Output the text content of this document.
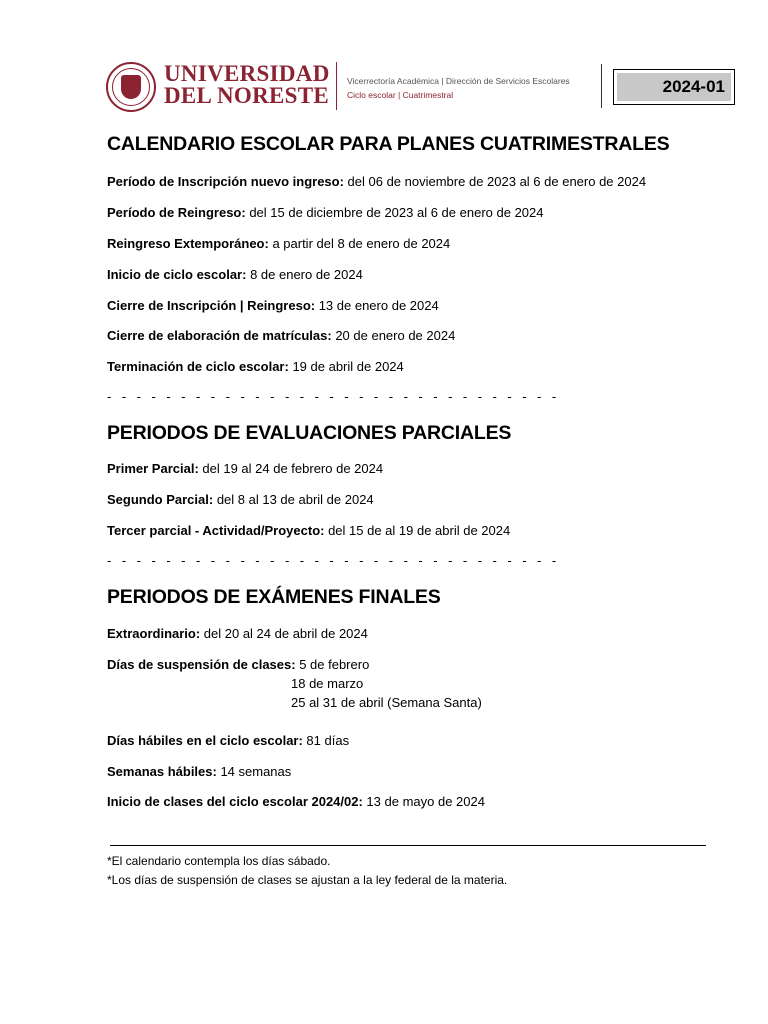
UNIVERSIDAD
DEL NORESTE
Vicerrectoría Académica | Dirección de Servicios Escolares
Ciclo escolar | Cuatrimestral	2024-01
CALENDARIO ESCOLAR PARA PLANES CUATRIMESTRALES
Período de Inscripción nuevo ingreso: del 06 de noviembre de 2023 al 6 de enero de 2024
Período de Reingreso: del 15 de diciembre de 2023 al 6 de enero de 2024
Reingreso Extemporáneo: a partir del 8 de enero de 2024
Inicio de ciclo escolar: 8 de enero de 2024
Cierre de Inscripción | Reingreso: 13 de enero de 2024
Cierre de elaboración de matrículas: 20 de enero de 2024
Terminación de ciclo escolar: 19 de abril de 2024
-------------------------------
PERIODOS DE EVALUACIONES PARCIALES
Primer Parcial: del 19 al 24 de febrero de 2024
Segundo Parcial: del 8 al 13 de abril de 2024
Tercer parcial - Actividad/Proyecto: del 15 de al 19 de abril de 2024
-------------------------------
PERIODOS DE EXÁMENES FINALES
Extraordinario: del 20 al 24 de abril de 2024
Días de suspensión de clases: 5 de febrero
18 de marzo
25 al 31 de abril (Semana Santa)
Días hábiles en el ciclo escolar: 81 días
Semanas hábiles: 14 semanas
Inicio de clases del ciclo escolar 2024/02: 13 de mayo de 2024
*El calendario contempla los días sábado.
*Los días de suspensión de clases se ajustan a la ley federal de la materia.
